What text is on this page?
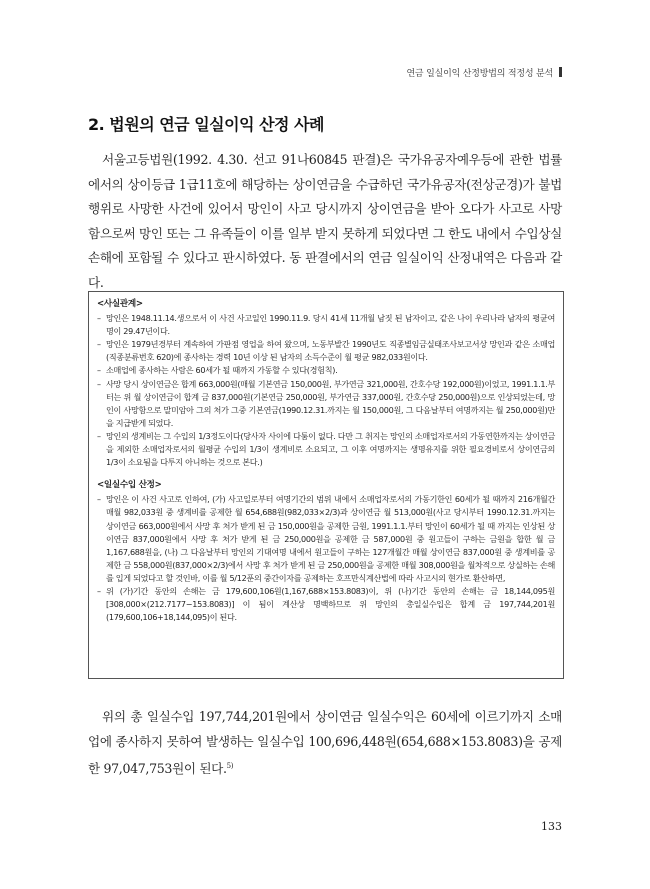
연금 일실이익 산정방법의 적정성 분석
2. 법원의 연금 일실이익 산정 사례

서울고등법원(1992. 4.30. 선고 91나60845 판결)은 국가유공자예우등에 관한 법률에서의 상이등급 1급11호에 해당하는 상이연금을 수급하던 국가유공자(전상군경)가 불법행위로 사망한 사건에 있어서 망인이 사고 당시까지 상이연금을 받아 오다가 사고로 사망함으로써 망인 또는 그 유족들이 이를 일부 받지 못하게 되었다면 그 한도 내에서 수입상실 손해에 포함될 수 있다고 판시하였다. 동 판결에서의 연금 일실이익 산정내역은 다음과 같다.

<사실관계>
– 망인은 1948.11.14.생으로서 이 사건 사고일인 1990.11.9. 당시 41세 11개월 남짓 된 남자이고, 같은 나이 우리나라 남자의 평균여명이 29.47년이다.
– 망인은 1979년경부터 계속하여 가판점 영업을 하여 왔으며, 노동부발간 1990년도 직종별임금실태조사보고서상 망인과 같은 소매업(직종분류번호 620)에 종사하는 경력 10년 이상 된 남자의 소득수준이 월 평균 982,033원이다.
– 소매업에 종사하는 사람은 60세가 될 때까지 가동할 수 있다(경험칙).
– 사망 당시 상이연금은 합계 663,000원(매월 기본연금 150,000원, 부가연금 321,000원, 간호수당 192,000원)이었고, 1991.1.1.부터는 위 월 상이연금이 합계 금 837,000원(기본연금 250,000원, 부가연금 337,000원, 간호수당 250,000원)으로 인상되었는데, 망인이 사망함으로 말미암아 그의 처가 그중 기본연금(1990.12.31.까지는 월 150,000원, 그 다음날부터 여명까지는 월 250,000원)만을 지급받게 되었다.
– 망인의 생계비는 그 수입의 1/3정도이다(당사자 사이에 다툼이 없다. 다만 그 취지는 망인의 소매업자로서의 가동연한까지는 상이연금을 제외한 소매업자로서의 월평균 수입의 1/3이 생계비로 소요되고, 그 이후 여명까지는 생명유지를 위한 필요경비로서 상이연금의 1/3이 소요됨을 다투지 아니하는 것으로 본다.)
<일실수입 산정>
– 망인은 이 사건 사고로 인하여, (가) 사고일로부터 여명기간의 범위 내에서 소매업자로서의 가동기한인 60세가 될 때까지 216개월간 매월 982,033원 중 생계비를 공제한 월 654,688원(982,033×2/3)과 상이연금 월 513,000원(사고 당시부터 1990.12.31.까지는 상이연금 663,000원에서 사망 후 처가 받게 된 금 150,000원을 공제한 금원, 1991.1.1.부터 망인이 60세가 될 때 까지는 인상된 상이연금 837,000원에서 사망 후 처가 받게 된 금 250,000원을 공제한 금 587,000원 중 원고들이 구하는 금원을 합한 월 금 1,167,688원을, (나) 그 다음날부터 망인의 기대여명 내에서 원고들이 구하는 127개월간 매월 상이연금 837,000원 중 생계비를 공제한 금 558,000원(837,000×2/3)에서 사망 후 처가 받게 된 금 250,000원을 공제한 매월 308,000원을 월차적으로 상실하는 손해를 입게 되었다고 할 것인바, 이를 월 5/12푼의 중간이자를 공제하는 호프만식계산법에 따라 사고시의 현가로 환산하면,
– 위 (가)기간 동안의 손해는 금 179,600,106원(1,167,688×153.8083)이, 위 (나)기간 동안의 손해는 금 18,144,095원[308,000×(212.7177−153.8083)] 이 됨이 계산상 명백하므로 위 망인의 총일실수입은 합계 금 197,744,201원(179,600,106+18,144,095)이 된다.

위의 총 일실수입 197,744,201원에서 상이연금 일실수익은 60세에 이르기까지 소매업에 종사하지 못하여 발생하는 일실수입 100,696,448원(654,688×153.8083)을 공제한 97,047,753원이 된다.$^{5)}$

133
